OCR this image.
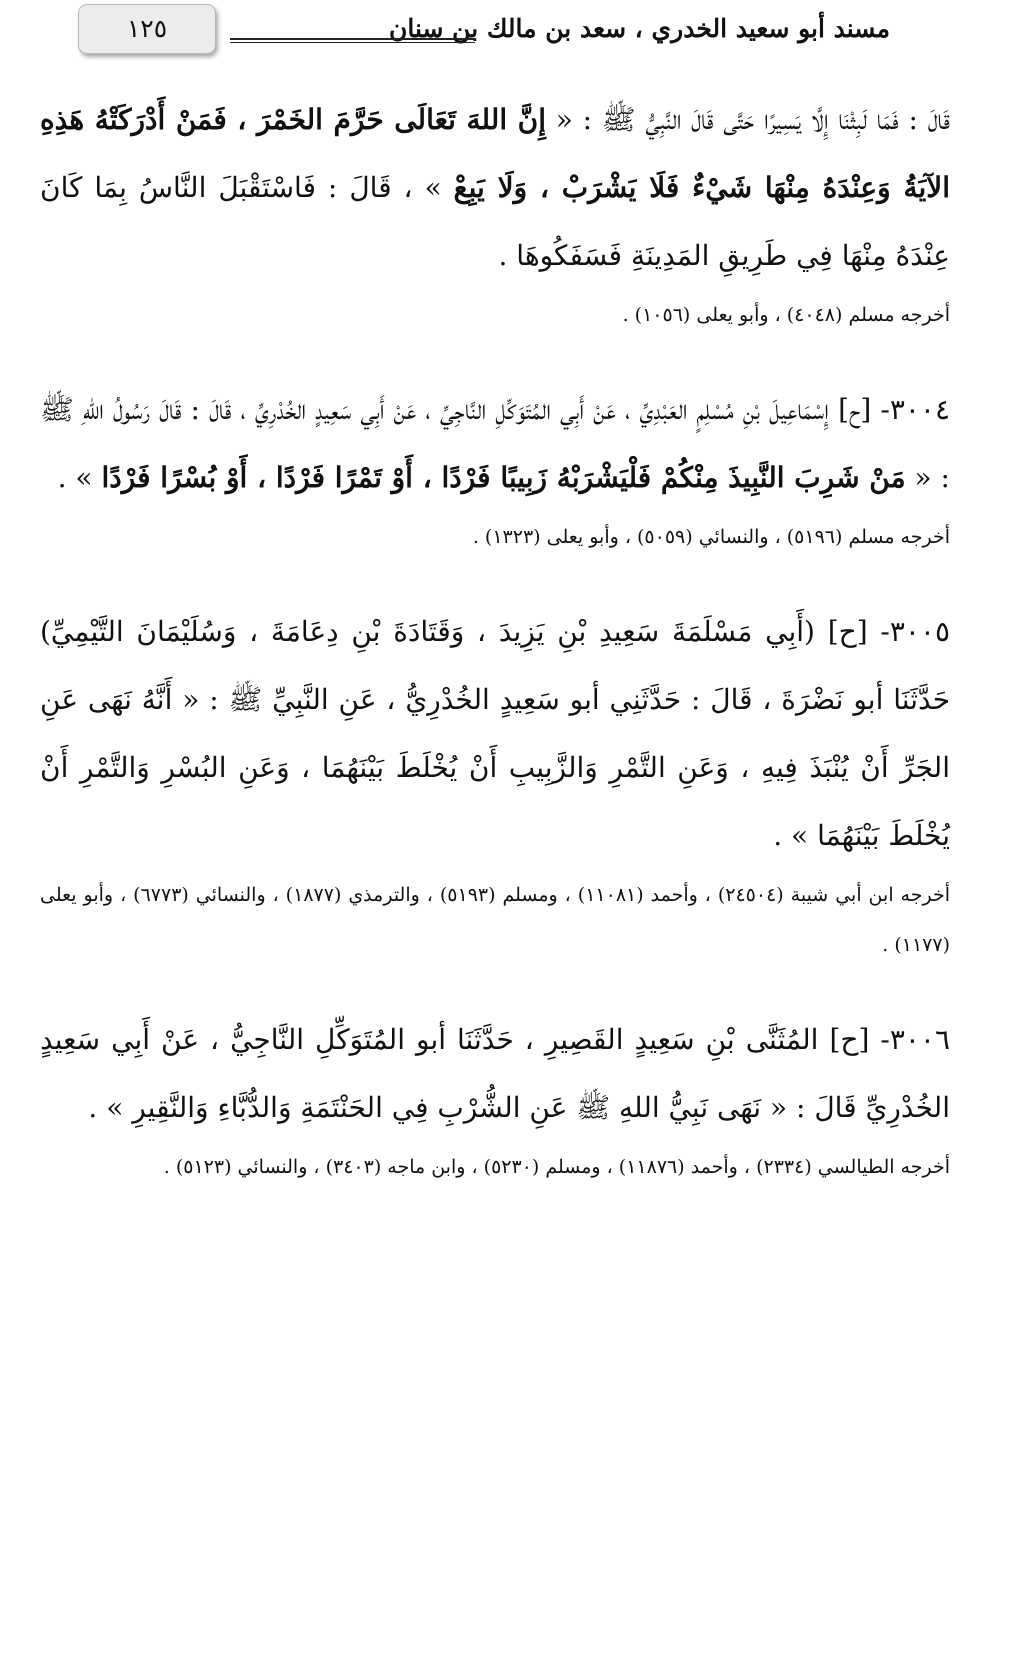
مسند أبو سعيد الخدري ، سعد بن مالك بن سنان
١٢٥

قَالَ : فَمَا لَبِثْنَا إِلَّا يَسِيرًا حَتَّى قَالَ النَّبِيُّ ﷺ : « إِنَّ اللهَ تَعَالَى حَرَّمَ الخَمْرَ ، فَمَنْ أَدْرَكَتْهُ هَذِهِ الآيَةُ وَعِنْدَهُ مِنْهَا شَيْءٌ فَلَا يَشْرَبْ ، وَلَا يَبِعْ » ، قَالَ : فَاسْتَقْبَلَ النَّاسُ بِمَا كَانَ عِنْدَهُ مِنْهَا فِي طَرِيقِ المَدِينَةِ فَسَفَكُوهَا .

أخرجه مسلم (٤٠٤٨) ، وأبو يعلى (١٠٥٦) .

٣٠٠٤- [ح] إِسْمَاعِيلَ بْنِ مُسْلِمٍ العَبْدِيِّ ، عَنْ أَبِي المُتَوَكِّلِ النَّاجِيِّ ، عَنْ أَبِي سَعِيدٍ الخُدْرِيِّ ، قَالَ : قَالَ رَسُولُ اللهِ ﷺ : « مَنْ شَرِبَ النَّبِيذَ مِنْكُمْ فَلْيَشْرَبْهُ زَبِيبًا فَرْدًا ، أَوْ تَمْرًا فَرْدًا ، أَوْ بُسْرًا فَرْدًا » .

أخرجه مسلم (٥١٩٦) ، والنسائي (٥٠٥٩) ، وأبو يعلى (١٣٢٣) .

٣٠٠٥- [ح] (أَبِي مَسْلَمَةَ سَعِيدِ بْنِ يَزِيدَ ، وَقَتَادَةَ بْنِ دِعَامَةَ ، وَسُلَيْمَانَ التَّيْمِيِّ) حَدَّثَنَا أبو نَضْرَةَ ، قَالَ : حَدَّثَنِي أبو سَعِيدٍ الخُدْرِيُّ ، عَنِ النَّبِيِّ ﷺ : « أَنَّهُ نَهَى عَنِ الجَرِّ أَنْ يُنْبَذَ فِيهِ ، وَعَنِ التَّمْرِ وَالزَّبِيبِ أَنْ يُخْلَطَ بَيْنَهُمَا ، وَعَنِ البُسْرِ وَالتَّمْرِ أَنْ يُخْلَطَ بَيْنَهُمَا » .

أخرجه ابن أبي شيبة (٢٤٥٠٤) ، وأحمد (١١٠٨١) ، ومسلم (٥١٩٣) ، والترمذي (١٨٧٧) ، والنسائي (٦٧٧٣) ، وأبو يعلى (١١٧٧) .

٣٠٠٦- [ح] المُثَنَّى بْنِ سَعِيدٍ القَصِيرِ ، حَدَّثَنَا أبو المُتَوَكِّلِ النَّاجِيُّ ، عَنْ أَبِي سَعِيدٍ الخُدْرِيِّ قَالَ : « نَهَى نَبِيُّ اللهِ ﷺ عَنِ الشُّرْبِ فِي الحَنْتَمَةِ وَالدُّبَّاءِ وَالنَّقِيرِ » .

أخرجه الطيالسي (٢٣٣٤) ، وأحمد (١١٨٧٦) ، ومسلم (٥٢٣٠) ، وابن ماجه (٣٤٠٣) ، والنسائي (٥١٢٣) .
